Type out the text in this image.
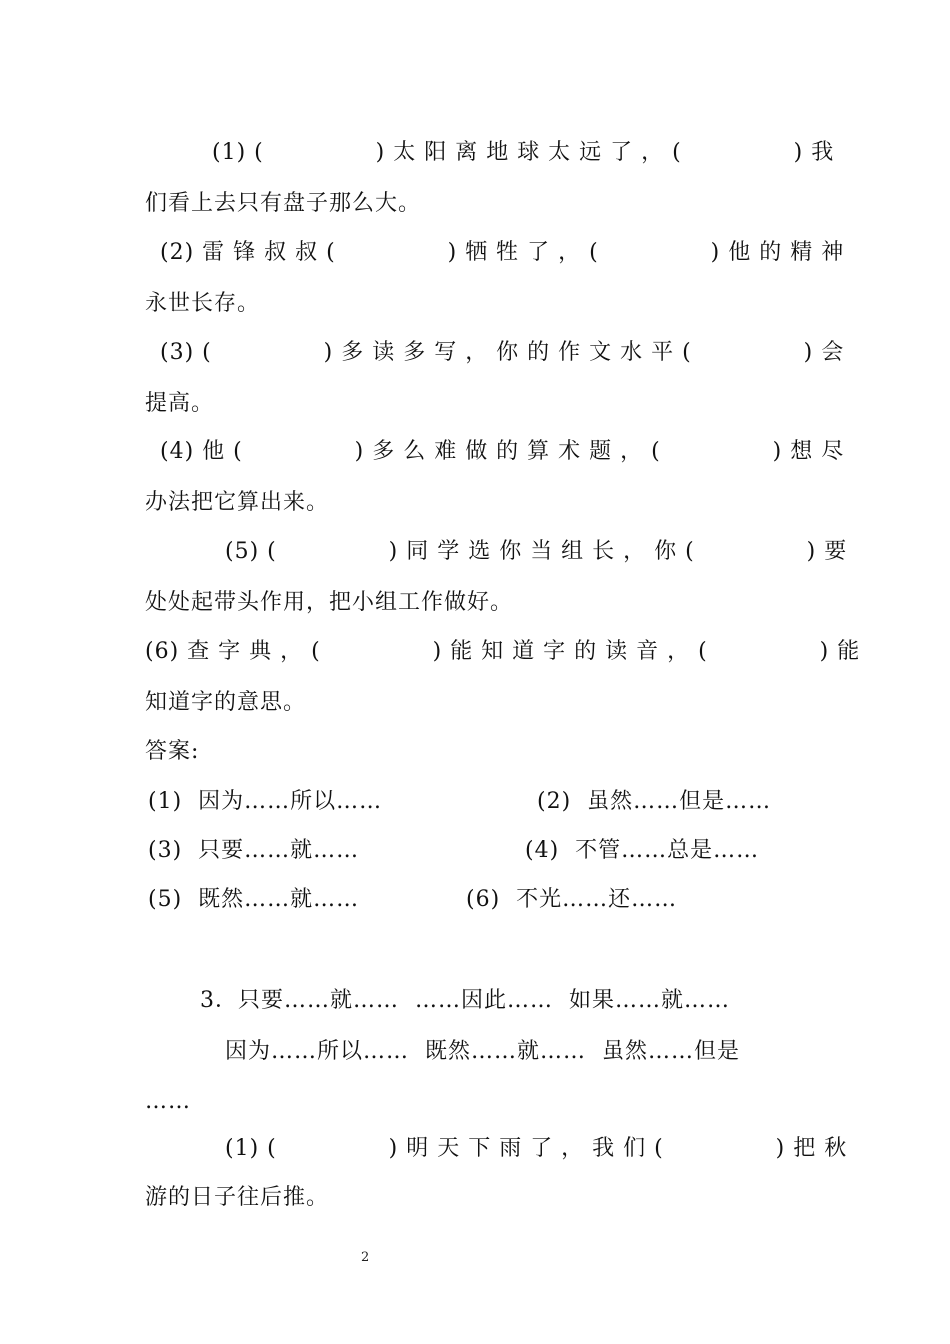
(1) (              ) 太 阳 离 地 球 太 远 了 ， (              ) 我
们看上去只有盘子那么大。
(2) 雷 锋 叔 叔 (              ) 牺 牲 了 ， (              ) 他 的 精 神
永世长存。
(3) (              ) 多 读 多 写 ， 你 的 作 文 水 平 (              ) 会
提高。
(4) 他 (              ) 多 么 难 做 的 算 术 题 ， (              ) 想 尽
办法把它算出来。
(5) (              ) 同 学 选 你 当 组 长 ， 你 (              ) 要
处处起带头作用，把小组工作做好。
(6) 查 字 典 ， (              ) 能 知 道 字 的 读 音 ， (              ) 能
知道字的意思。
答案:
(1)  因为……所以……	(2)  虽然……但是……
(3)  只要……就……	(4)  不管……总是……
(5)  既然……就……	(6)  不光……还……
3．只要……就……  ……因此……  如果……就……
因为……所以……  既然……就……  虽然……但是
……
(1) (              ) 明 天 下 雨 了 ， 我 们 (              ) 把 秋
游的日子往后推。
2
